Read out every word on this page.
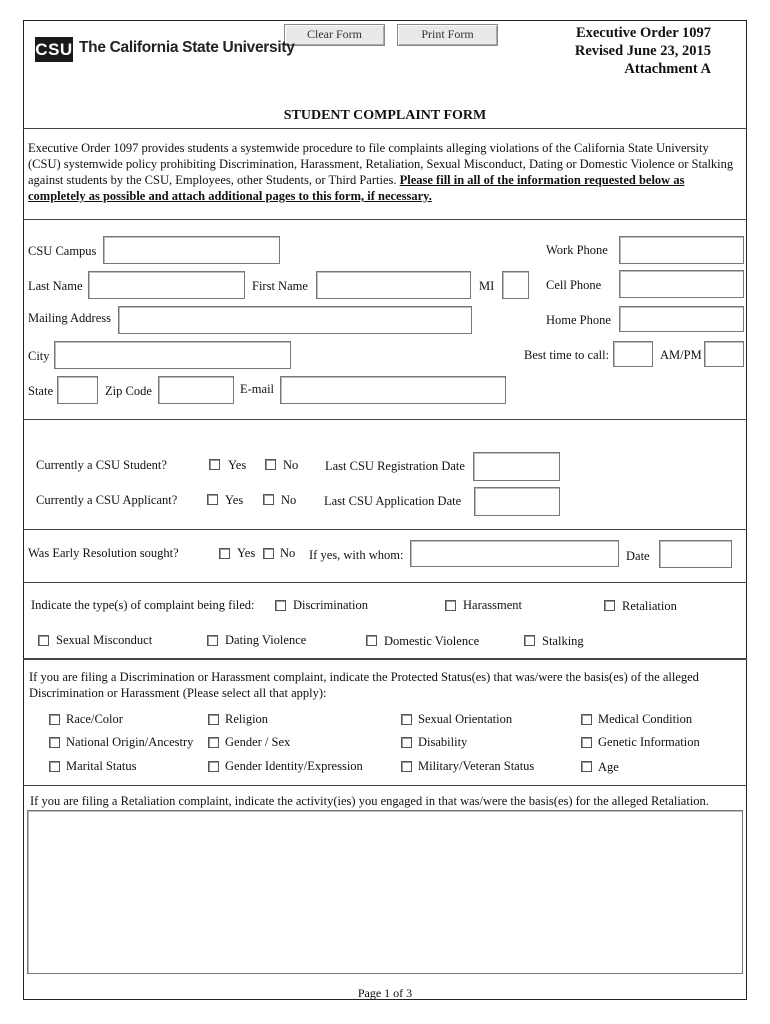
Clear Form	Print Form
CSU The California State University
Executive Order 1097
Revised June 23, 2015
Attachment A
STUDENT COMPLAINT FORM
Executive Order 1097 provides students a systemwide procedure to file complaints alleging violations of the California State University (CSU) systemwide policy prohibiting Discrimination, Harassment, Retaliation, Sexual Misconduct, Dating or Domestic Violence or Stalking against students by the CSU, Employees, other Students, or Third Parties. Please fill in all of the information requested below as completely as possible and attach additional pages to this form, if necessary.
CSU Campus	Work Phone
Last Name	First Name	MI	Cell Phone
Mailing Address	Home Phone
City	Best time to call:	AM/PM
State	Zip Code	E-mail
Currently a CSU Student?	Yes	No Last CSU Registration Date
Currently a CSU Applicant?	Yes	No Last CSU Application Date
Was Early Resolution sought?	Yes No If yes, with whom:	Date
Indicate the type(s) of complaint being filed:	Discrimination	Harassment	Retaliation
Sexual Misconduct	Dating Violence	Domestic Violence	Stalking
If you are filing a Discrimination or Harassment complaint, indicate the Protected Status(es) that was/were the basis(es) of the alleged Discrimination or Harassment (Please select all that apply):
Race/Color	Religion	Sexual Orientation	Medical Condition
National Origin/Ancestry	Gender / Sex	Disability	Genetic Information
Marital Status	Gender Identity/Expression	Military/Veteran Status	Age
If you are filing a Retaliation complaint, indicate the activity(ies) you engaged in that was/were the basis(es) for the alleged Retaliation.
Page 1 of 3
